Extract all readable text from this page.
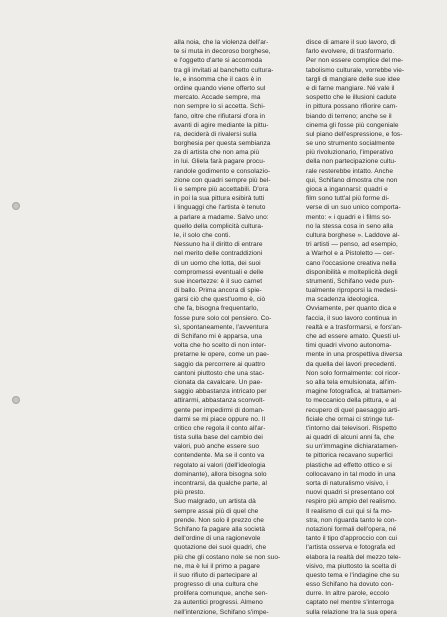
alla noia, che la violenza dell'ar-
te si muta in decoroso borghese,
e l'oggetto d'arte si accomoda
tra gli invitati al banchetto cultura-
le, e insomma che il caos è in
ordine quando viene offerto sul
mercato. Accade sempre, ma
non sempre lo si accetta. Schi-
fano, oltre che rifiutarsi d'ora in
avanti di agire mediante la pittu-
ra, deciderà di rivalersi sulla
borghesia per questa sembianza
za di artista che non ama più
in lui. Gliela farà pagare procu-
randole godimento e consolazio-
zione con quadri sempre più bel-
li e sempre più accettabili. D'ora
in poi la sua pittura esibirà tutti
i linguaggi che l'artista è tenuto
a parlare a madame. Salvo uno:
quello della complicità cultura-
le, il solo che conti.
Nessuno ha il diritto di entrare
nel merito delle contraddizioni
di un uomo che lotta, dei suoi
compromessi eventuali e delle
sue incertezze: è il suo carnet
di ballo. Prima ancora di spie-
garsi ciò che quest'uomo è, ciò
che fa, bisogna frequentarlo,
fosse pure solo col pensiero. Co-
sì, spontaneamente, l'avventura
di Schifano mi è apparsa, una
volta che ho scelto di non inter-
pretarne le opere, come un pae-
saggio da percorrere ai quattro
cantoni piuttosto che una stac-
cionata da cavalcare. Un pae-
saggio abbastanza intricato per
attirarmi, abbastanza sconvolt-
gente per impedirmi di doman-
darmi se mi piace oppure no. Il
critico che regola il conto all'ar-
tista sulla base del cambio dei
valori, può anche essere suo
contendente. Ma se il conto va
regolato ai valori (dell'ideologia
dominante), allora bisogna solo
incontrarsi, da qualche parte, al
più presto.
Suo malgrado, un artista dà
sempre assai più di quel che
prende. Non solo il prezzo che
Schifano fa pagare alla società
dell'ordine di una ragionevole
quotazione dei suoi quadri, che
più che gli costano nole se non suo-
ne, ma è lui il primo a pagare
il suo rifiuto di partecipare al
progresso di una cultura che
prolifera comunque, anche sen-
za autentici progressi. Almeno
nell'intenzione, Schifano s'impe-
disce di amare il suo lavoro, di
farlo evolvere, di trasformarlo.
Per non essere complice del me-
tabolismo culturale, vorrebbe vie-
targli di mangiare delle sue idee
e di farne mangiare. Né vale il
sospetto che le illusioni cadute
in pittura possano rifiorire cam-
biando di terreno; anche se il
cinema gli fosse più congeniale
sul piano dell'espressione, e fos-
se uno strumento socialmente
più rivoluzionario, l'imperativo
della non partecipazione cultu-
rale resterebbe intatto. Anche
qui, Schifano dimostra che non
gioca a ingannarsi: quadri e
film sono tutt'al più forme di-
verse di un suo unico comporta-
mento: « i quadri e i films so-
no la stessa cosa in seno alla
cultura borghese ». Laddove al-
tri artisti — penso, ad esempio,
a Warhol e a Pistoletto — cer-
cano l'occasione creativa nella
disponibilità e molteplicità degli
strumenti, Schifano vede pun-
tualmente riproporsi la medesi-
ma scadenza ideologica.
Ovviamente, per quanto dica e
faccia, il suo lavoro continua in
realtà e a trasformarsi, e fors'an-
che ad essere amato. Questi ul-
timi quadri vivono autonoma-
mente in una prospettiva diversa
da quella dei lavori precedenti.
Non solo formalmente: col ricor-
so alla tela emulsionata, all'im-
magine fotografica, al trattamen-
to meccanico della pittura, e al
recupero di quel paesaggio arti-
ficiale che ormai ci stringe tut-
t'intorno dai televisori. Rispetto
ai quadri di alcuni anni fa, che
su un'immagine dichiaratamen-
te pittorica recavano superfici
plastiche ad effetto ottico e si
collocavano in tal modo in una
sorta di naturalismo visivo, i
nuovi quadri si presentano col
respiro più ampio del realismo.
Il realismo di cui qui si fa mo-
stra, non riguarda tanto le con-
notazioni formali dell'opera, né
tanto il tipo d'approccio con cui
l'artista osserva e fotografa ed
elabora la realtà del mezzo tele-
visivo, ma piuttosto la scelta di
questo tema e l'indagine che su
esso Schifano ha dovuto con-
durre. In altre parole, eccolo
captato nel mentre s'interroga
sulla relazione tra la sua opera
